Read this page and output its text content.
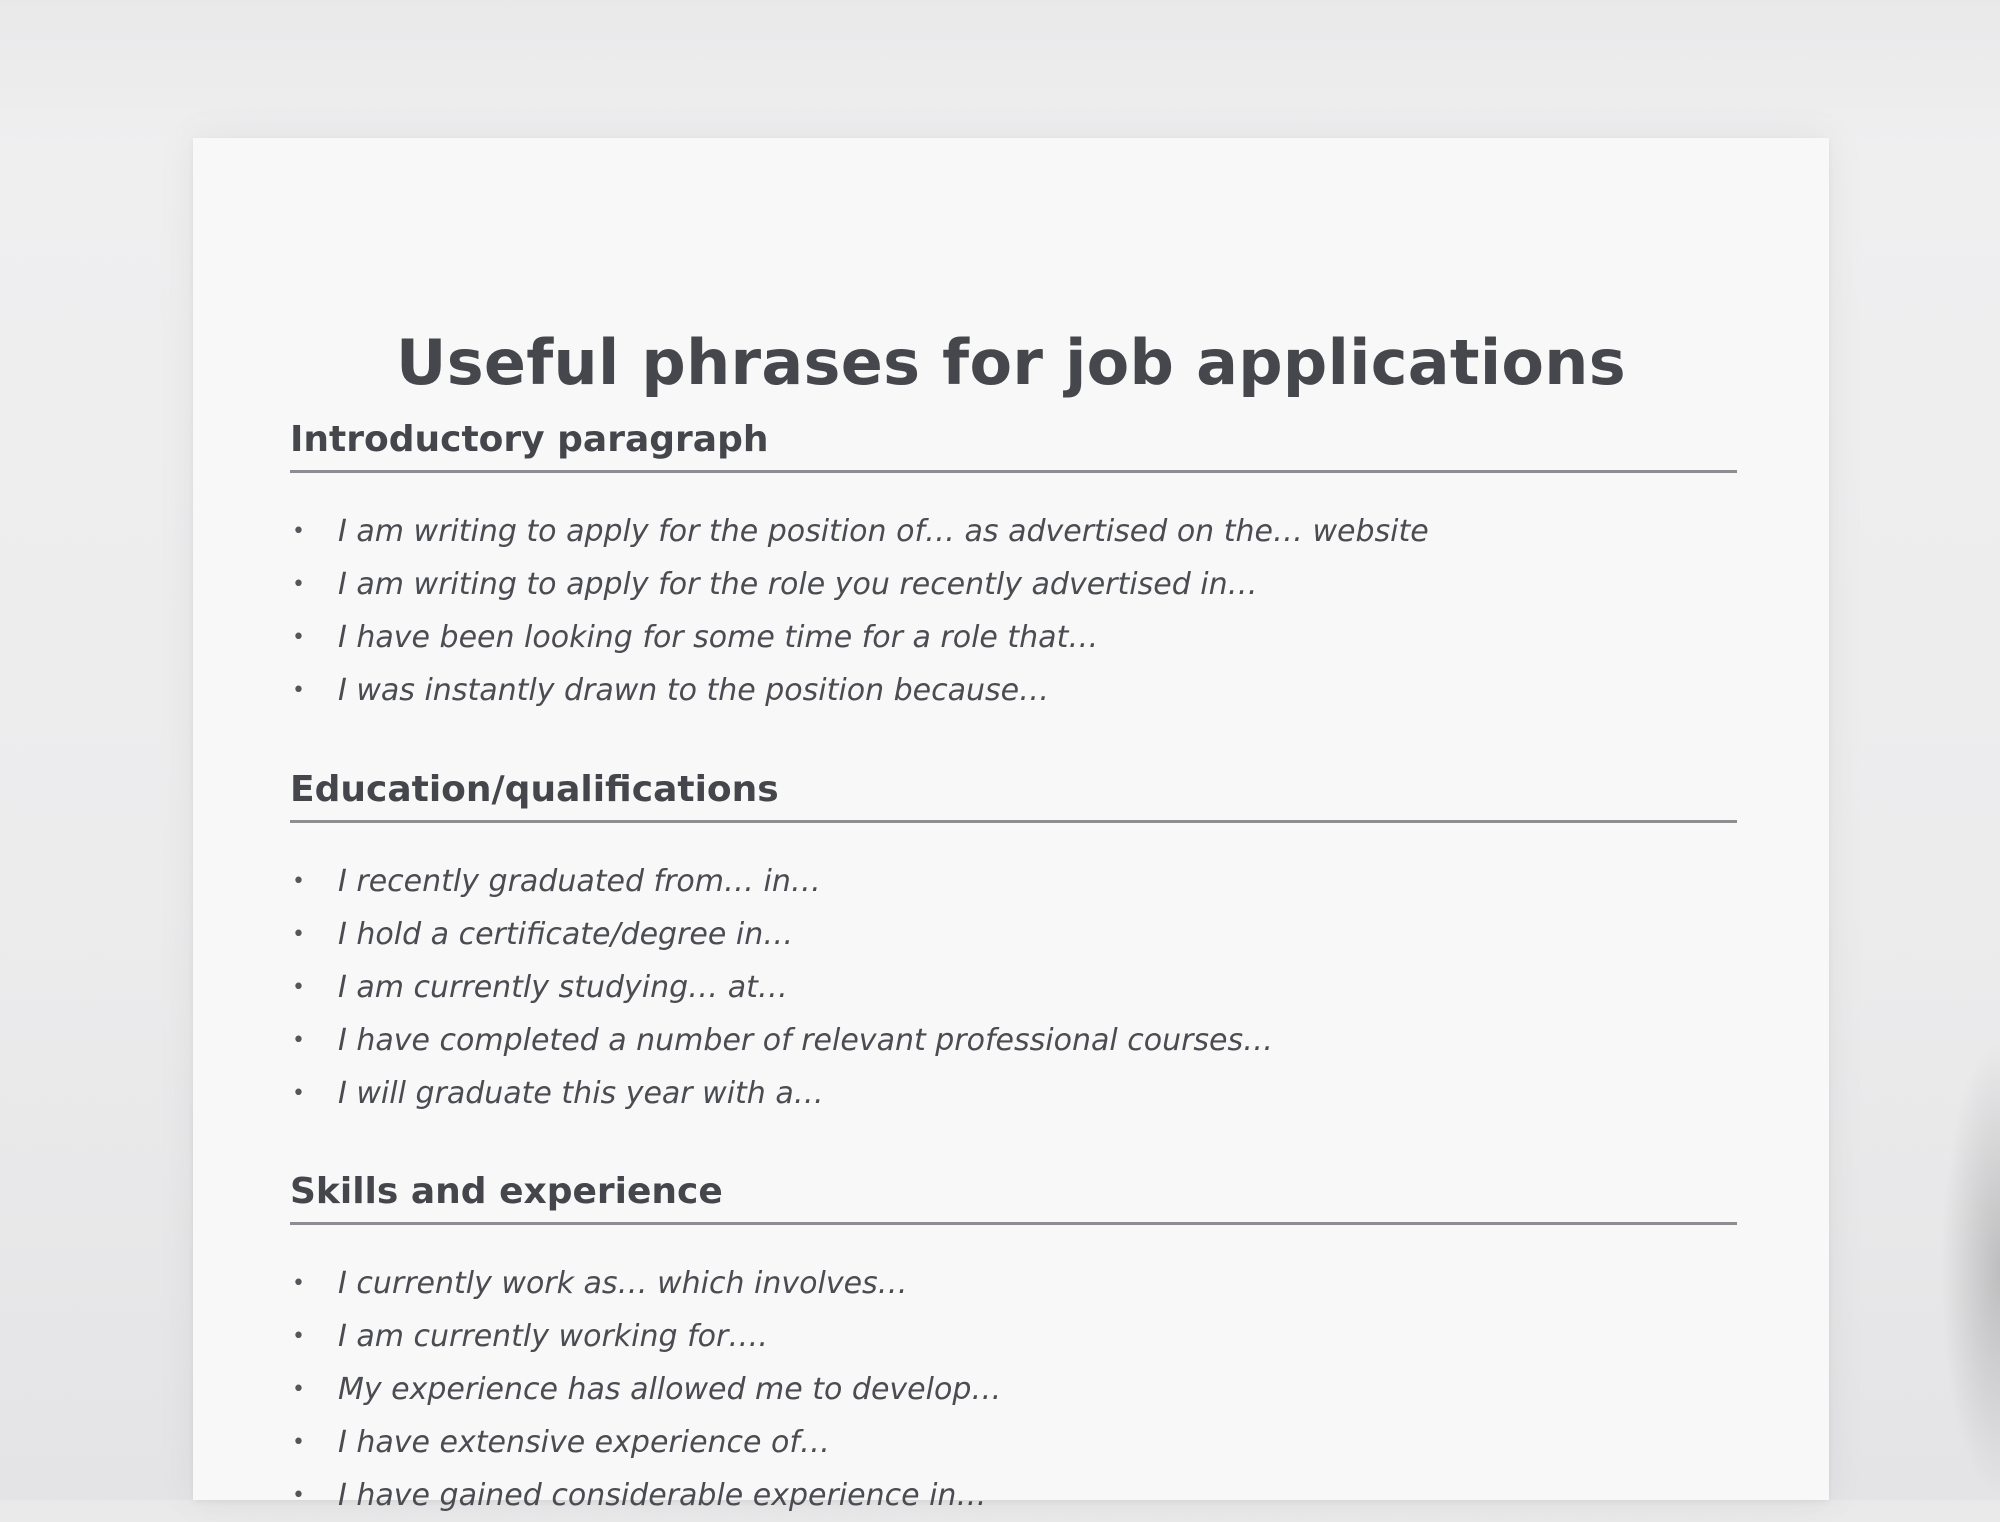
Useful phrases for job applications
Introductory paragraph
• I am writing to apply for the position of… as advertised on the… website
• I am writing to apply for the role you recently advertised in…
• I have been looking for some time for a role that…
• I was instantly drawn to the position because…
Education/qualifications
• I recently graduated from… in…
• I hold a certificate/degree in…
• I am currently studying… at…
• I have completed a number of relevant professional courses…
• I will graduate this year with a…
Skills and experience
• I currently work as… which involves…
• I am currently working for….
• My experience has allowed me to develop…
• I have extensive experience of…
• I have gained considerable experience in…
